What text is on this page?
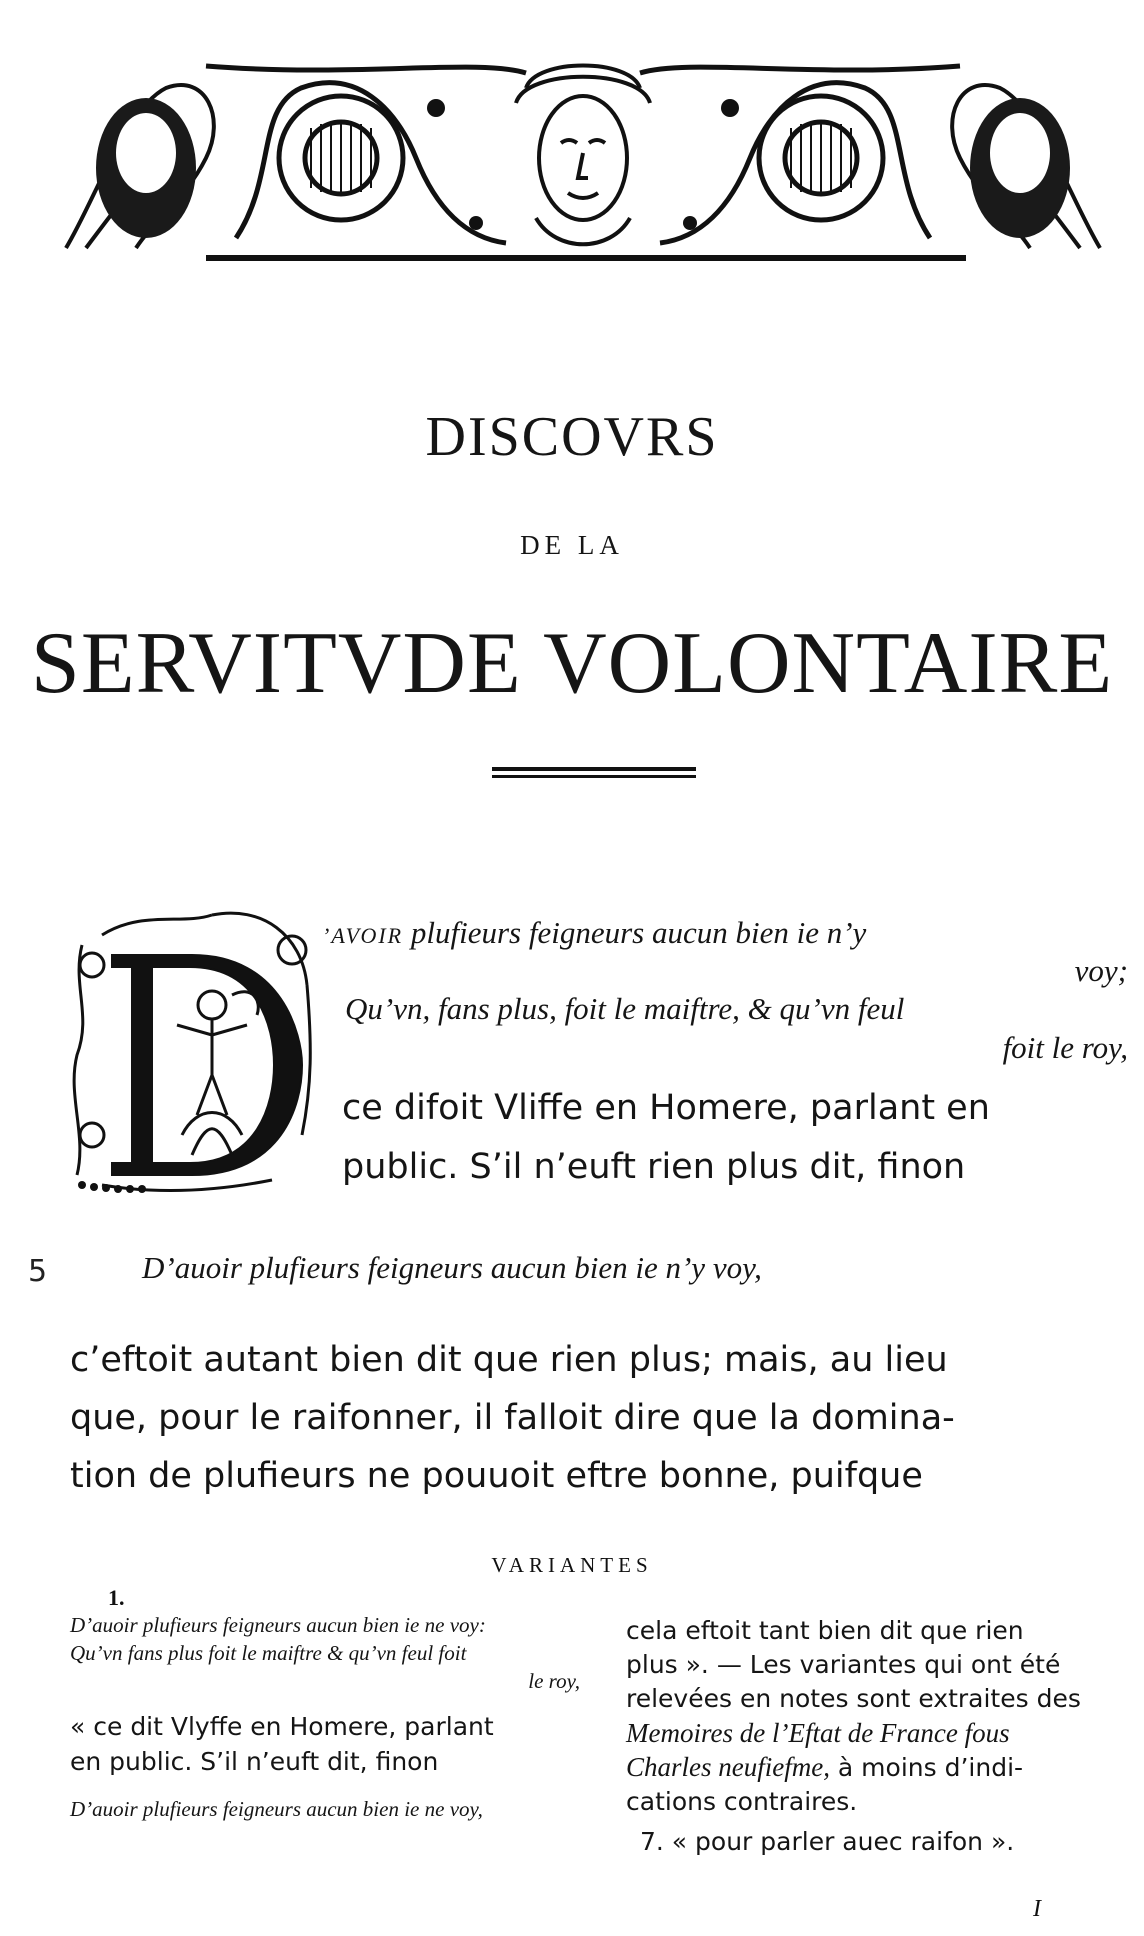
DISCOVRS
DE LA
SERVITVDE VOLONTAIRE
’AVOIR plufieurs feigneurs aucun bien ie n’y
voy;
Qu’vn, fans plus, foit le maiftre, & qu’vn feul
foit le roy,
ce difoit Vliffe en Homere, parlant en
public. S’il n’euft rien plus dit, finon
5	D’auoir plufieurs feigneurs aucun bien ie n’y voy,
c’eftoit autant bien dit que rien plus; mais, au lieu
que, pour le raifonner, il falloit dire que la domina-
tion de plufieurs ne pouuoit eftre bonne, puifque
VARIANTES
1.
D’auoir plufieurs feigneurs aucun bien ie ne voy:
Qu’vn fans plus foit le maiftre & qu’vn feul foit
le roy,
« ce dit Vlyffe en Homere, parlant
en public. S’il n’euft dit, finon
D’auoir plufieurs feigneurs aucun bien ie ne voy,
cela eftoit tant bien dit que rien
plus ». — Les variantes qui ont été
relevées en notes sont extraites des
Memoires de l’Eftat de France fous
Charles neufiefme, à moins d’indi-
cations contraires.
7. « pour parler auec raifon ».
I
